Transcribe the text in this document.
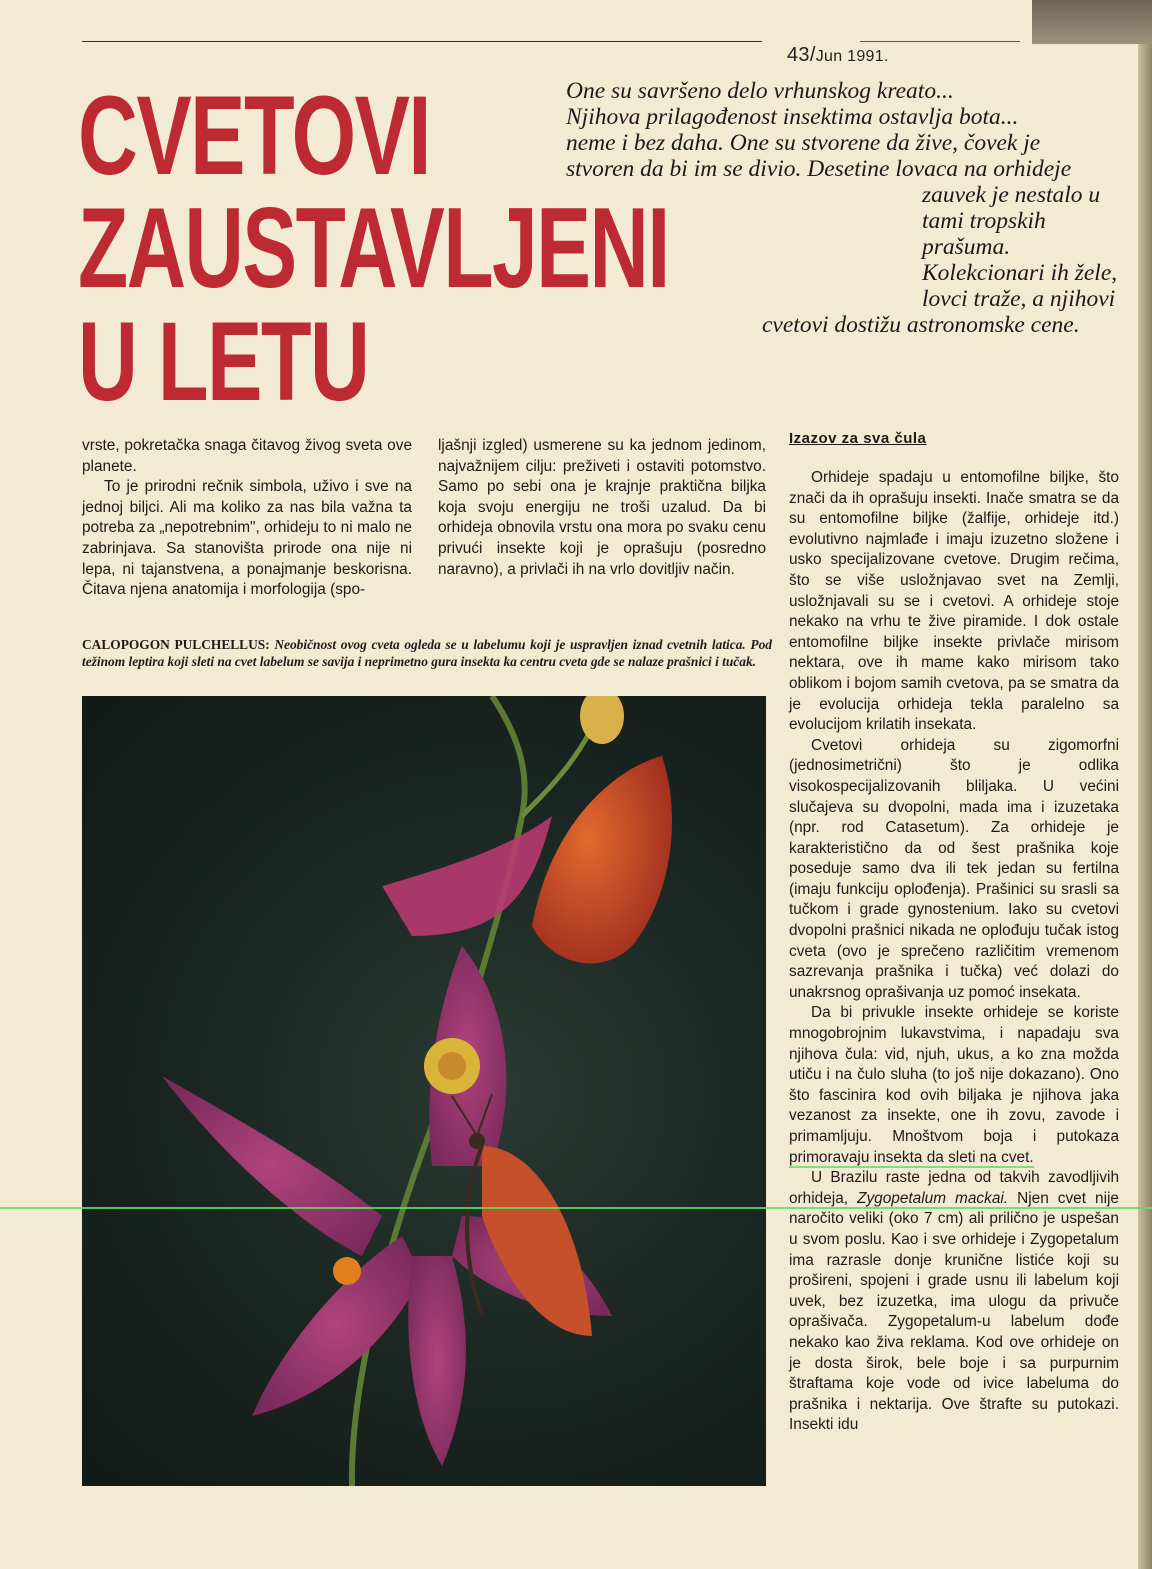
43/Jun 1991.
CVETOVI
ZAUSTAVLJENI
U LETU

One su savršeno delo vrhunskog kreato...

Njihova prilagođenost insektima ostavlja bota...

neme i bez daha. One su stvorene da žive, čovek je

stvoren da bi im se divio. Desetine lovaca na orhideje

zauvek je nestalo u

tami tropskih

prašuma.

Kolekcionari ih žele,

lovci traže, a njihovi

cvetovi dostižu astronomske cene.

vrste, pokretačka snaga čitavog živog sveta ove planete.

To je prirodni rečnik simbola, uživo i sve na jednoj biljci. Ali ma koliko za nas bila važna ta potreba za „nepotrebnim", orhideju to ni malo ne zabrinjava. Sa stanovišta prirode ona nije ni lepa, ni tajanstvena, a ponajmanje beskorisna. Čitava njena anatomija i morfologija (spo-

ljašnji izgled) usmerene su ka jednom jedinom, najvažnijem cilju: preživeti i ostaviti potomstvo. Samo po sebi ona je krajnje praktična biljka koja svoju energiju ne troši uzalud. Da bi orhideja obnovila vrstu ona mora po svaku cenu privući insekte koji je oprašuju (posredno naravno), a privlači ih na vrlo dovitljiv način.

CALOPOGON PULCHELLUS: Neobičnost ovog cveta ogleda se u labelumu koji je uspravljen iznad cvetnih latica. Pod težinom leptira koji sleti na cvet labelum se savija i neprimetno gura insekta ka centru cveta gde se nalaze prašnici i tučak.
Izazov za sva čula

Orhideje spadaju u entomofilne biljke, što znači da ih oprašuju insekti. Inače smatra se da su entomofilne biljke (žalfije, orhideje itd.) evolutivno najmlađe i imaju izuzetno složene i usko specijalizovane cvetove. Drugim rečima, što se više usložnjavao svet na Zemlji, usložnjavali su se i cvetovi. A orhideje stoje nekako na vrhu te žive piramide. I dok ostale entomofilne biljke insekte privlače mirisom nektara, ove ih mame kako mirisom tako oblikom i bojom samih cvetova, pa se smatra da je evolucija orhideja tekla paralelno sa evolucijom krilatih insekata.

Cvetovi orhideja su zigomorfni (jednosimetrični) što je odlika visokospecijalizovanih bliljaka. U većini slučajeva su dvopolni, mada ima i izuzetaka (npr. rod Catasetum). Za orhideje je karakteristično da od šest prašnika koje poseduje samo dva ili tek jedan su fertilna (imaju funkciju oplođenja). Prašinici su srasli sa tučkom i grade gynostenium. Iako su cvetovi dvopolni prašnici nikada ne oplođuju tučak istog cveta (ovo je sprečeno različitim vremenom sazrevanja prašnika i tučka) već dolazi do unakrsnog oprašivanja uz pomoć insekata.

Da bi privukle insekte orhideje se koriste mnogobrojnim lukavstvima, i napadaju sva njihova čula: vid, njuh, ukus, a ko zna možda utiču i na čulo sluha (to još nije dokazano). Ono što fascinira kod ovih biljaka je njihova jaka vezanost za insekte, one ih zovu, zavode i primamljuju. Mnoštvom boja i putokaza primoravaju insekta da sleti na cvet.

U Brazilu raste jedna od takvih zavodljivih orhideja, Zygopetalum mackai. Njen cvet nije naročito veliki (oko 7 cm) ali prilično je uspešan u svom poslu. Kao i sve orhideje i Zygopetalum ima razrasle donje krunične listiće koji su prošireni, spojeni i grade usnu ili labelum koji uvek, bez izuzetka, ima ulogu da privuče oprašivača. Zygopetalum-u labelum dođe nekako kao živa reklama. Kod ove orhideje on je dosta širok, bele boje i sa purpurnim štraftama koje vode od ivice labeluma do prašnika i nektarija. Ove štrafte su putokazi. Insekti idu
